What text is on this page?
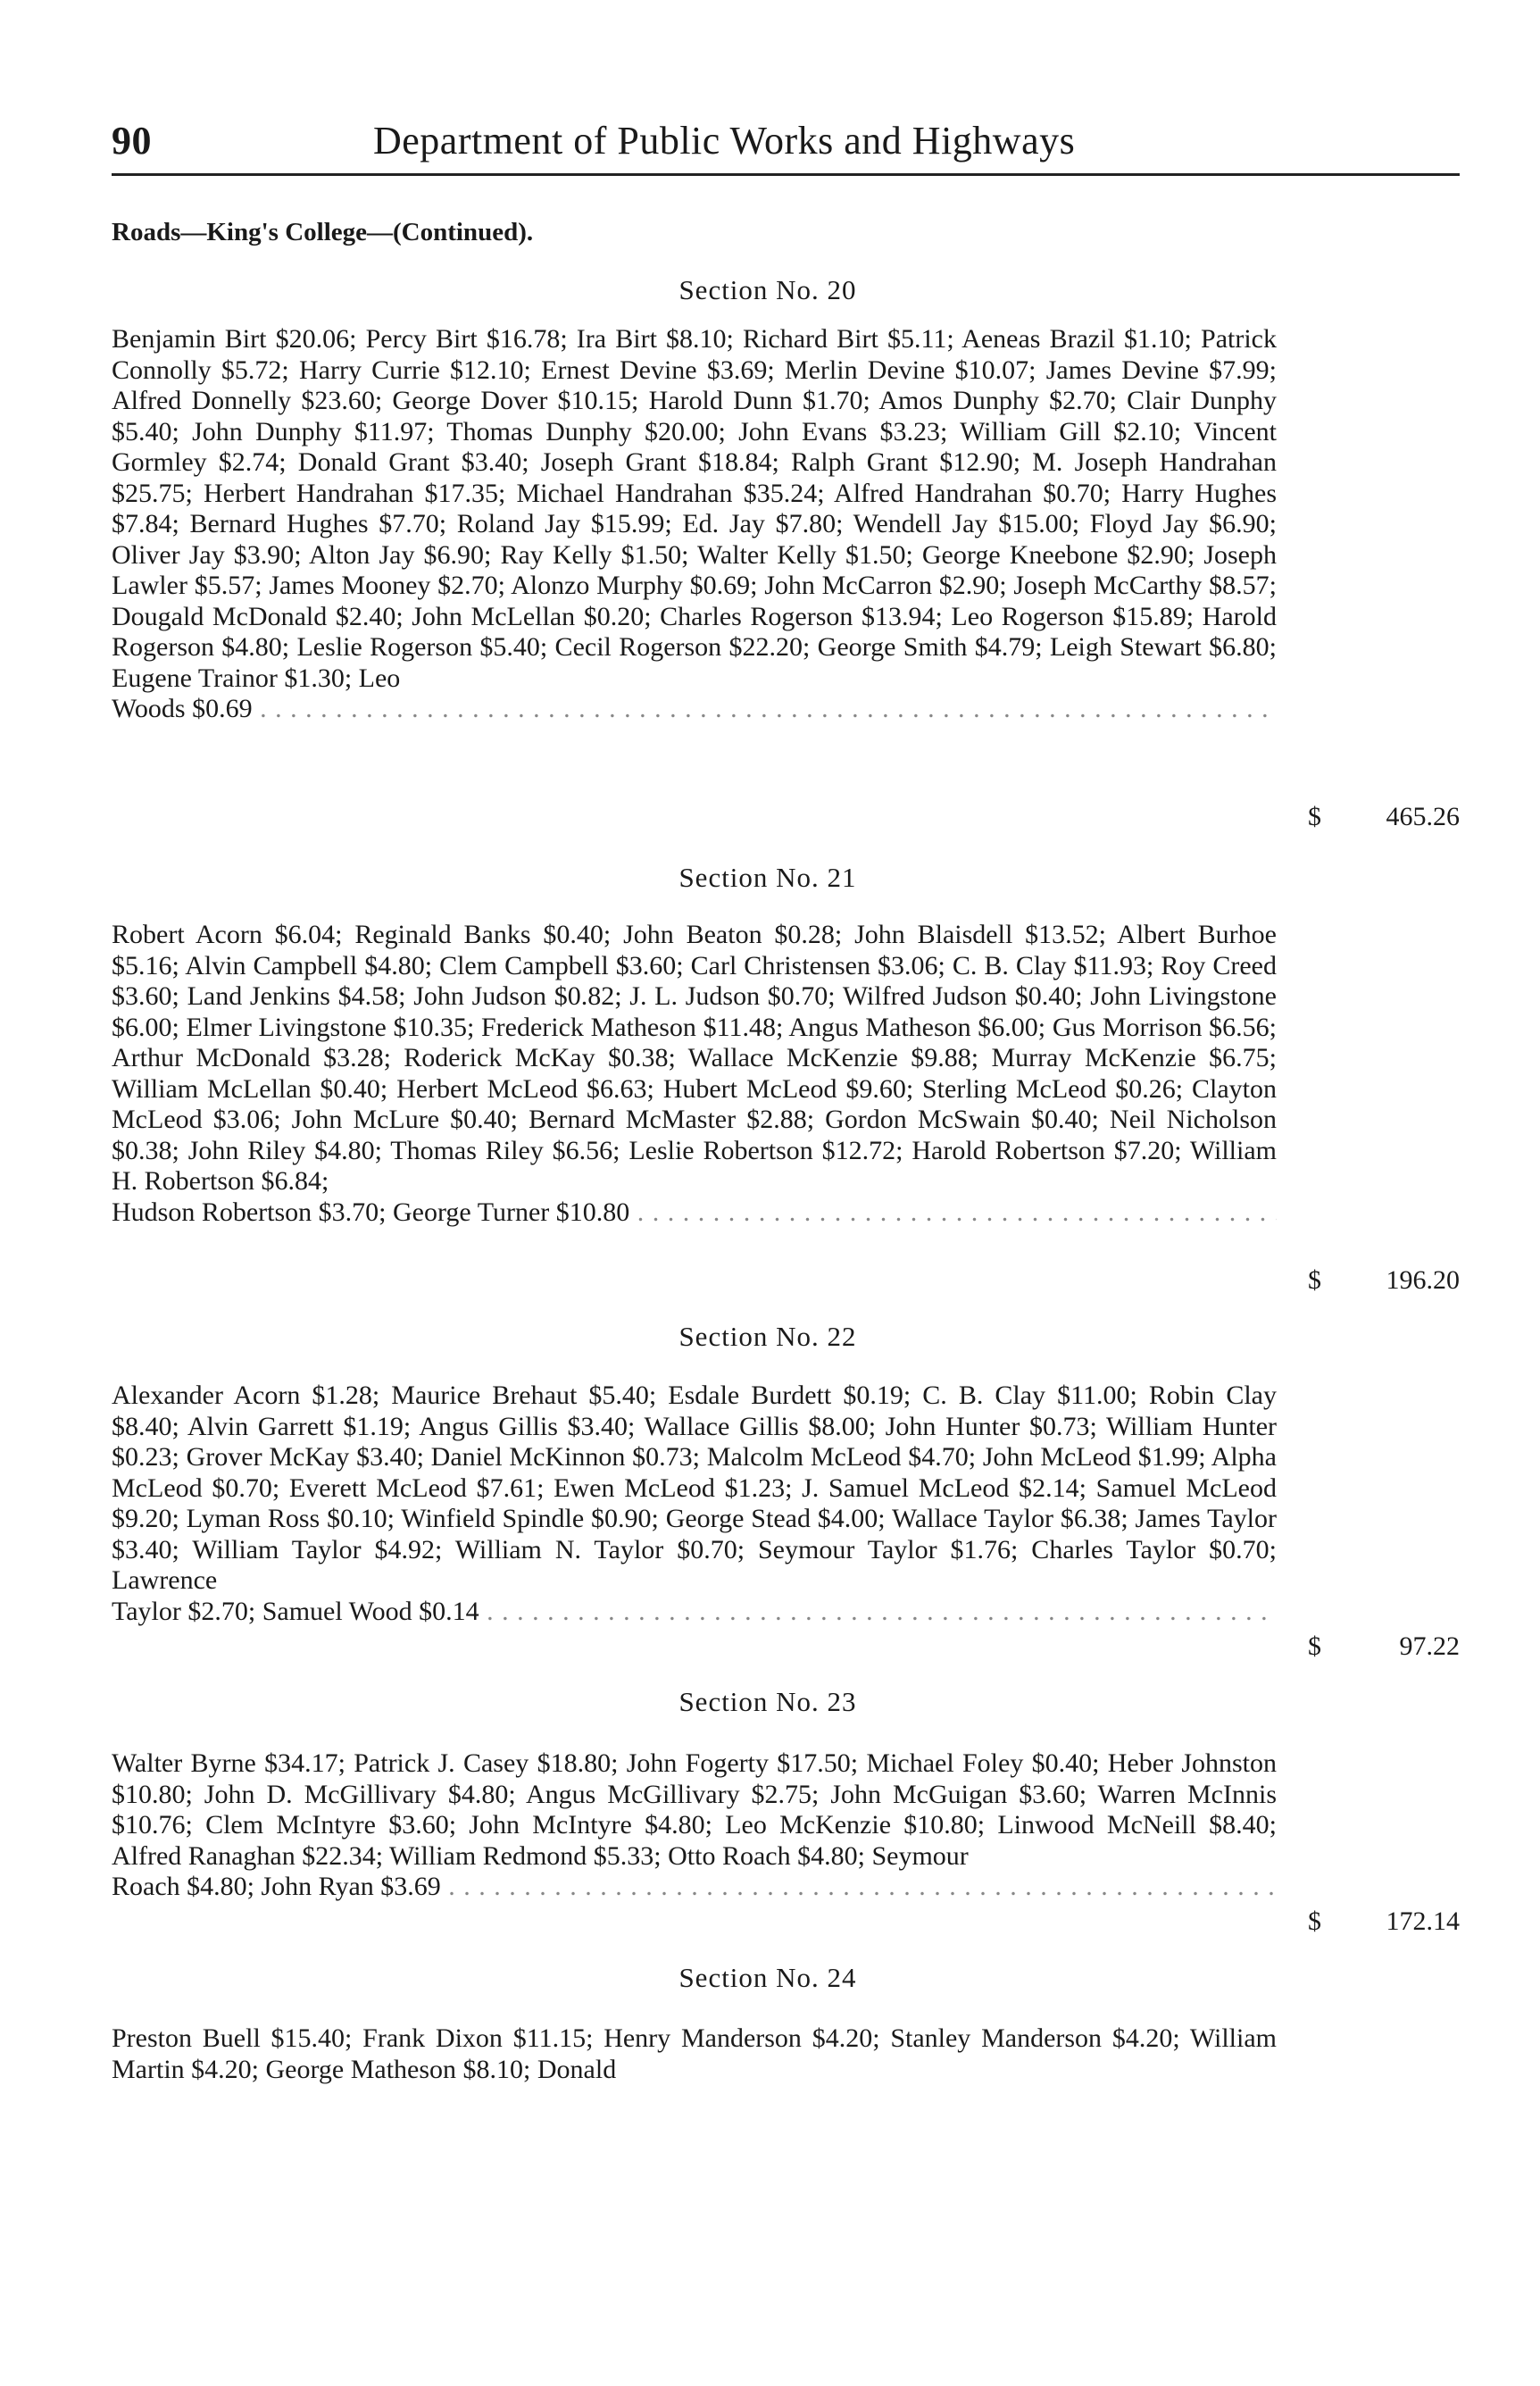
90	Department of Public Works and Highways
Roads—King's College—(Continued).
Section No. 20
Benjamin Birt $20.06; Percy Birt $16.78; Ira Birt $8.10; Richard Birt $5.11; Aeneas Brazil $1.10; Patrick Connolly $5.72; Harry Currie $12.10; Ernest Devine $3.69; Merlin Devine $10.07; James Devine $7.99; Alfred Donnelly $23.60; George Dover $10.15; Harold Dunn $1.70; Amos Dunphy $2.70; Clair Dunphy $5.40; John Dunphy $11.97; Thomas Dunphy $20.00; John Evans $3.23; William Gill $2.10; Vincent Gormley $2.74; Donald Grant $3.40; Joseph Grant $18.84; Ralph Grant $12.90; M. Joseph Handrahan $25.75; Herbert Handrahan $17.35; Michael Handrahan $35.24; Alfred Handrahan $0.70; Harry Hughes $7.84; Bernard Hughes $7.70; Roland Jay $15.99; Ed. Jay $7.80; Wendell Jay $15.00; Floyd Jay $6.90; Oliver Jay $3.90; Alton Jay $6.90; Ray Kelly $1.50; Walter Kelly $1.50; George Kneebone $2.90; Joseph Lawler $5.57; James Mooney $2.70; Alonzo Murphy $0.69; John McCarron $2.90; Joseph McCarthy $8.57; Dougald McDonald $2.40; John McLellan $0.20; Charles Rogerson $13.94; Leo Rogerson $15.89; Harold Rogerson $4.80; Leslie Rogerson $5.40; Cecil Rogerson $22.20; George Smith $4.79; Leigh Stewart $6.80; Eugene Trainor $1.30; Leo
Woods $0.69 . . .
$ 465.26
Section No. 21
Robert Acorn $6.04; Reginald Banks $0.40; John Beaton $0.28; John Blaisdell $13.52; Albert Burhoe $5.16; Alvin Campbell $4.80; Clem Campbell $3.60; Carl Christensen $3.06; C. B. Clay $11.93; Roy Creed $3.60; Land Jenkins $4.58; John Judson $0.82; J. L. Judson $0.70; Wilfred Judson $0.40; John Livingstone $6.00; Elmer Livingstone $10.35; Frederick Matheson $11.48; Angus Matheson $6.00; Gus Morrison $6.56; Arthur McDonald $3.28; Roderick McKay $0.38; Wallace McKenzie $9.88; Murray McKenzie $6.75; William McLellan $0.40; Herbert McLeod $6.63; Hubert McLeod $9.60; Sterling McLeod $0.26; Clayton McLeod $3.06; John McLure $0.40; Bernard McMaster $2.88; Gordon McSwain $0.40; Neil Nicholson $0.38; John Riley $4.80; Thomas Riley $6.56; Leslie Robertson $12.72; Harold Robertson $7.20; William H. Robertson $6.84;
Hudson Robertson $3.70; George Turner $10.80 . . .
$ 196.20
Section No. 22
Alexander Acorn $1.28; Maurice Brehaut $5.40; Esdale Burdett $0.19; C. B. Clay $11.00; Robin Clay $8.40; Alvin Garrett $1.19; Angus Gillis $3.40; Wallace Gillis $8.00; John Hunter $0.73; William Hunter $0.23; Grover McKay $3.40; Daniel McKinnon $0.73; Malcolm McLeod $4.70; John McLeod $1.99; Alpha McLeod $0.70; Everett McLeod $7.61; Ewen McLeod $1.23; J. Samuel McLeod $2.14; Samuel McLeod $9.20; Lyman Ross $0.10; Winfield Spindle $0.90; George Stead $4.00; Wallace Taylor $6.38; James Taylor $3.40; William Taylor $4.92; William N. Taylor $0.70; Seymour Taylor $1.76; Charles Taylor $0.70; Lawrence
Taylor $2.70; Samuel Wood $0.14 . . .
$	97.22
Section No. 23
Walter Byrne $34.17; Patrick J. Casey $18.80; John Fogerty $17.50; Michael Foley $0.40; Heber Johnston $10.80; John D. McGillivary $4.80; Angus McGillivary $2.75; John McGuigan $3.60; Warren McInnis $10.76; Clem McIntyre $3.60; John McIntyre $4.80; Leo McKenzie $10.80; Linwood McNeill $8.40; Alfred Ranaghan $22.34; William Redmond $5.33; Otto Roach $4.80; Seymour
Roach $4.80; John Ryan $3.69 . . .
$ 172.14
Section No. 24
Preston Buell $15.40; Frank Dixon $11.15; Henry Manderson $4.20; Stanley Manderson $4.20; William Martin $4.20; George Matheson $8.10; Donald
